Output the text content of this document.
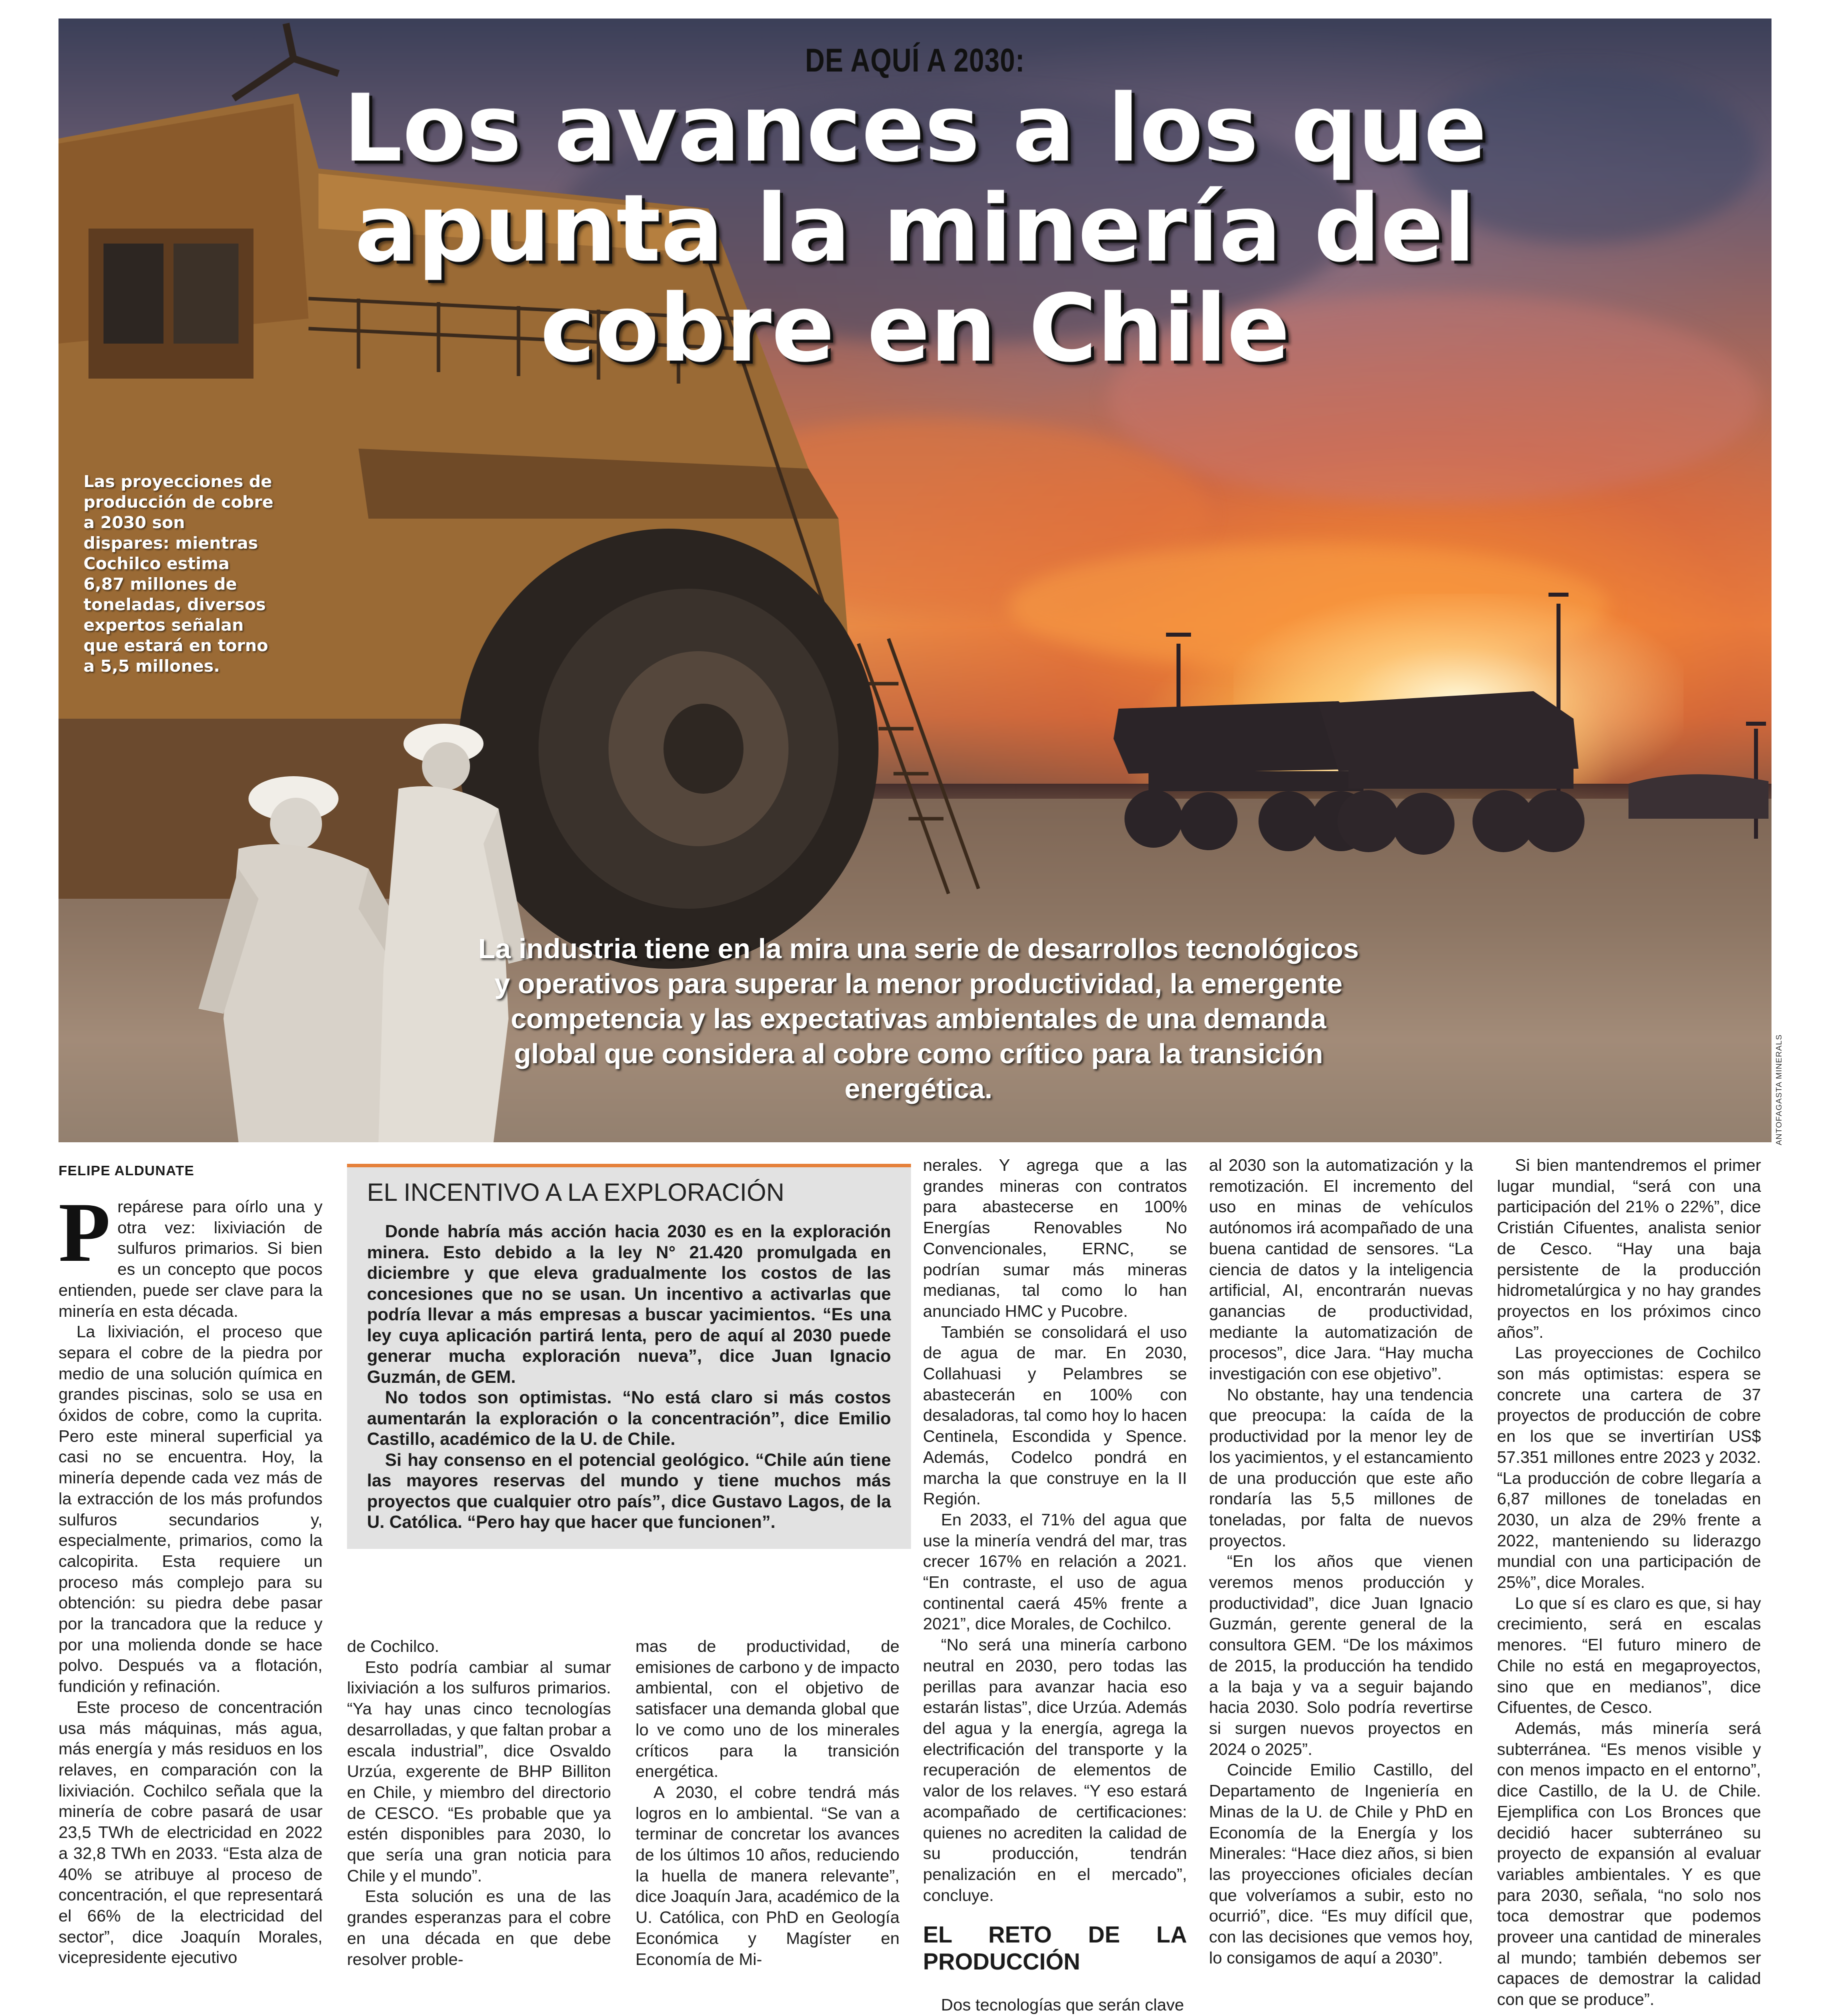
DE AQUÍ A 2030:
Los avances a los que
apunta la minería del
cobre en Chile
Las proyecciones de producción de cobre a 2030 son dispares: mientras Cochilco estima 6,87 millones de toneladas, diversos expertos señalan que estará en torno a 5,5 millones.
La industria tiene en la mira una serie de desarrollos tecnológicos y operativos para superar la menor productividad, la emergente competencia y las expectativas ambientales de una demanda global que considera al cobre como crítico para la transición energética.	ANTOFAGASTA MINERALS
FELIPE ALDUNATE

Prepárese para oírlo una y otra vez: lixiviación de sulfuros primarios. Si bien es un concepto que pocos entienden, puede ser clave para la minería en esta década.

La lixiviación, el proceso que separa el cobre de la piedra por medio de una solución química en grandes piscinas, solo se usa en óxidos de cobre, como la cuprita. Pero este mineral superficial ya casi no se encuentra. Hoy, la minería depende cada vez más de la extracción de los más profundos sulfuros secundarios y, especialmente, primarios, como la calcopirita. Esta requiere un proceso más complejo para su obtención: su piedra debe pasar por la trancadora que la reduce y por una molienda donde se hace polvo. Después va a flotación, fundición y refinación.

Este proceso de concentración usa más máquinas, más agua, más energía y más residuos en los relaves, en comparación con la lixiviación. Cochilco señala que la minería de cobre pasará de usar 23,5 TWh de electricidad en 2022 a 32,8 TWh en 2033. “Esta alza de 40% se atribuye al proceso de concentración, el que representará el 66% de la electricidad del sector”, dice Joaquín Morales, vicepresidente ejecutivo

EL INCENTIVO A LA EXPLORACIÓN

Donde habría más acción hacia 2030 es en la exploración minera. Esto debido a la ley N° 21.420 promulgada en diciembre y que eleva gradualmente los costos de las concesiones que no se usan. Un incentivo a activarlas que podría llevar a más empresas a buscar yacimientos. “Es una ley cuya aplicación partirá lenta, pero de aquí al 2030 puede generar mucha exploración nueva”, dice Juan Ignacio Guzmán, de GEM.

No todos son optimistas. “No está claro si más costos aumentarán la exploración o la concentración”, dice Emilio Castillo, académico de la U. de Chile.

Si hay consenso en el potencial geológico. “Chile aún tiene las mayores reservas del mundo y tiene muchos más proyectos que cualquier otro país”, dice Gustavo Lagos, de la U. Católica. “Pero hay que hacer que funcionen”.

de Cochilco.

Esto podría cambiar al sumar lixiviación a los sulfuros primarios. “Ya hay unas cinco tecnologías desarrolladas, y que faltan probar a escala industrial”, dice Osvaldo Urzúa, exgerente de BHP Billiton en Chile, y miembro del directorio de CESCO. “Es probable que ya estén disponibles para 2030, lo que sería una gran noticia para Chile y el mundo”.

Esta solución es una de las grandes esperanzas para el cobre en una década en que debe resolver proble-

mas de productividad, de emisiones de carbono y de impacto ambiental, con el objetivo de satisfacer una demanda global que lo ve como uno de los minerales críticos para la transición energética.

A 2030, el cobre tendrá más logros en lo ambiental. “Se van a terminar de concretar los avances de los últimos 10 años, reduciendo la huella de manera relevante”, dice Joaquín Jara, académico de la U. Católica, con PhD en Geología Económica y Magíster en Economía de Mi-

nerales. Y agrega que a las grandes mineras con contratos para abastecerse en 100% Energías Renovables No Convencionales, ERNC, se podrían sumar más mineras medianas, tal como lo han anunciado HMC y Pucobre.

También se consolidará el uso de agua de mar. En 2030, Collahuasi y Pelambres se abastecerán en 100% con desaladoras, tal como hoy lo hacen Centinela, Escondida y Spence. Además, Codelco pondrá en marcha la que construye en la II Región.

En 2033, el 71% del agua que use la minería vendrá del mar, tras crecer 167% en relación a 2021. “En contraste, el uso de agua continental caerá 45% frente a 2021”, dice Morales, de Cochilco.

“No será una minería carbono neutral en 2030, pero todas las perillas para avanzar hacia eso estarán listas”, dice Urzúa. Además del agua y la energía, agrega la electrificación del transporte y la recuperación de elementos de valor de los relaves. “Y eso estará acompañado de certificaciones: quienes no acrediten la calidad de su producción, tendrán penalización en el mercado”, concluye.

EL RETO DE LA PRODUCCIÓN

Dos tecnologías que serán clave

al 2030 son la automatización y la remotización. El incremento del uso en minas de vehículos autónomos irá acompañado de una buena cantidad de sensores. “La ciencia de datos y la inteligencia artificial, AI, encontrarán nuevas ganancias de productividad, mediante la automatización de procesos”, dice Jara. “Hay mucha investigación con ese objetivo”.

No obstante, hay una tendencia que preocupa: la caída de la productividad por la menor ley de los yacimientos, y el estancamiento de una producción que este año rondaría las 5,5 millones de toneladas, por falta de nuevos proyectos.

“En los años que vienen veremos menos producción y productividad”, dice Juan Ignacio Guzmán, gerente general de la consultora GEM. “De los máximos de 2015, la producción ha tendido a la baja y va a seguir bajando hacia 2030. Solo podría revertirse si surgen nuevos proyectos en 2024 o 2025”.

Coincide Emilio Castillo, del Departamento de Ingeniería en Minas de la U. de Chile y PhD en Economía de la Energía y los Minerales: “Hace diez años, si bien las proyecciones oficiales decían que volveríamos a subir, esto no ocurrió”, dice. “Es muy difícil que, con las decisiones que vemos hoy, lo consigamos de aquí a 2030”.

Si bien mantendremos el primer lugar mundial, “será con una participación del 21% o 22%”, dice Cristián Cifuentes, analista senior de Cesco. “Hay una baja persistente de la producción hidrometalúrgica y no hay grandes proyectos en los próximos cinco años”.

Las proyecciones de Cochilco son más optimistas: espera se concrete una cartera de 37 proyectos de producción de cobre en los que se invertirían US$ 57.351 millones entre 2023 y 2032. “La producción de cobre llegaría a 6,87 millones de toneladas en 2030, un alza de 29% frente a 2022, manteniendo su liderazgo mundial con una participación de 25%”, dice Morales.

Lo que sí es claro es que, si hay crecimiento, será en escalas menores. “El futuro minero de Chile no está en megaproyectos, sino que en medianos”, dice Cifuentes, de Cesco.

Además, más minería será subterránea. “Es menos visible y con menos impacto en el entorno”, dice Castillo, de la U. de Chile. Ejemplifica con Los Bronces que decidió hacer subterráneo su proyecto de expansión al evaluar variables ambientales. Y es que para 2030, señala, “no solo nos toca demostrar que podemos proveer una cantidad de minerales al mundo; también debemos ser capaces de demostrar la calidad con que se produce”.
